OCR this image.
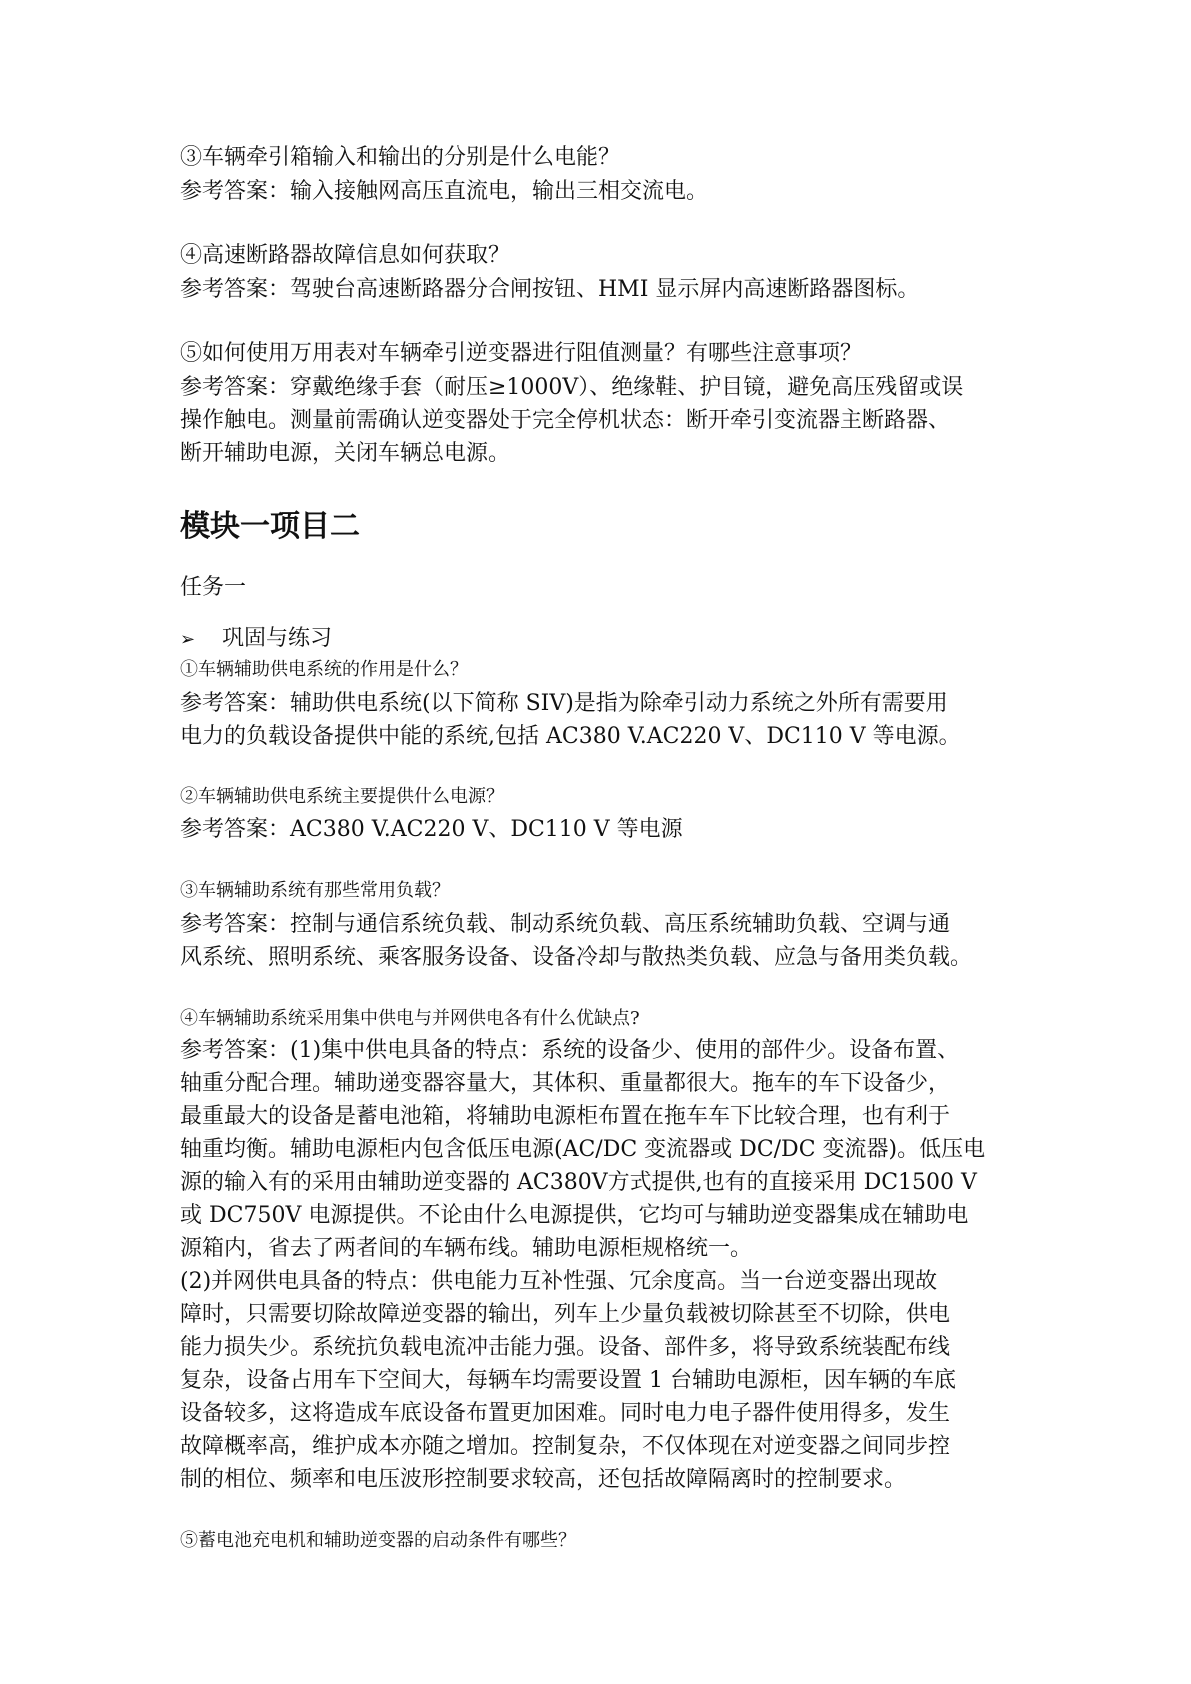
③车辆牵引箱输入和输出的分别是什么电能？
参考答案：输入接触网高压直流电，输出三相交流电。
④高速断路器故障信息如何获取？
参考答案：驾驶台高速断路器分合闸按钮、HMI 显示屏内高速断路器图标。
⑤如何使用万用表对车辆牵引逆变器进行阻值测量？有哪些注意事项？
参考答案：穿戴绝缘手套（耐压≥1000V）、绝缘鞋、护目镜，避免高压残留或误
操作触电。测量前需确认逆变器处于完全停机状态：断开牵引变流器主断路器、
断开辅助电源，关闭车辆总电源。
模块一项目二
任务一
➢ 巩固与练习
①车辆辅助供电系统的作用是什么？
参考答案：辅助供电系统(以下简称 SIV)是指为除牵引动力系统之外所有需要用
电力的负载设备提供中能的系统,包括 AC380 V.AC220 V、DC110 V 等电源。
②车辆辅助供电系统主要提供什么电源？
参考答案：AC380 V.AC220 V、DC110 V 等电源
③车辆辅助系统有那些常用负载？
参考答案：控制与通信系统负载、制动系统负载、高压系统辅助负载、空调与通
风系统、照明系统、乘客服务设备、设备冷却与散热类负载、应急与备用类负载。
④车辆辅助系统采用集中供电与并网供电各有什么优缺点?
参考答案：(1)集中供电具备的特点：系统的设备少、使用的部件少。设备布置、
轴重分配合理。辅助递变器容量大，其体积、重量都很大。拖车的车下设备少，
最重最大的设备是蓄电池箱，将辅助电源柜布置在拖车车下比较合理，也有利于
轴重均衡。辅助电源柜内包含低压电源(AC/DC 变流器或 DC/DC 变流器)。低压电
源的输入有的采用由辅助逆变器的 AC380Ⅴ方式提供,也有的直接采用 DC1500 V
或 DC750V 电源提供。不论由什么电源提供，它均可与辅助逆变器集成在辅助电
源箱内，省去了两者间的车辆布线。辅助电源柜规格统一。
(2)并网供电具备的特点：供电能力互补性强、冗余度高。当一台逆变器出现故
障时，只需要切除故障逆变器的输出，列车上少量负载被切除甚至不切除，供电
能力损失少。系统抗负载电流冲击能力强。设备、部件多，将导致系统装配布线
复杂，设备占用车下空间大，每辆车均需要设置 1 台辅助电源柜，因车辆的车底
设备较多，这将造成车底设备布置更加困难。同时电力电子器件使用得多，发生
故障概率高，维护成本亦随之增加。控制复杂，不仅体现在对逆变器之间同步控
制的相位、频率和电压波形控制要求较高，还包括故障隔离时的控制要求。
⑤蓄电池充电机和辅助逆变器的启动条件有哪些？
